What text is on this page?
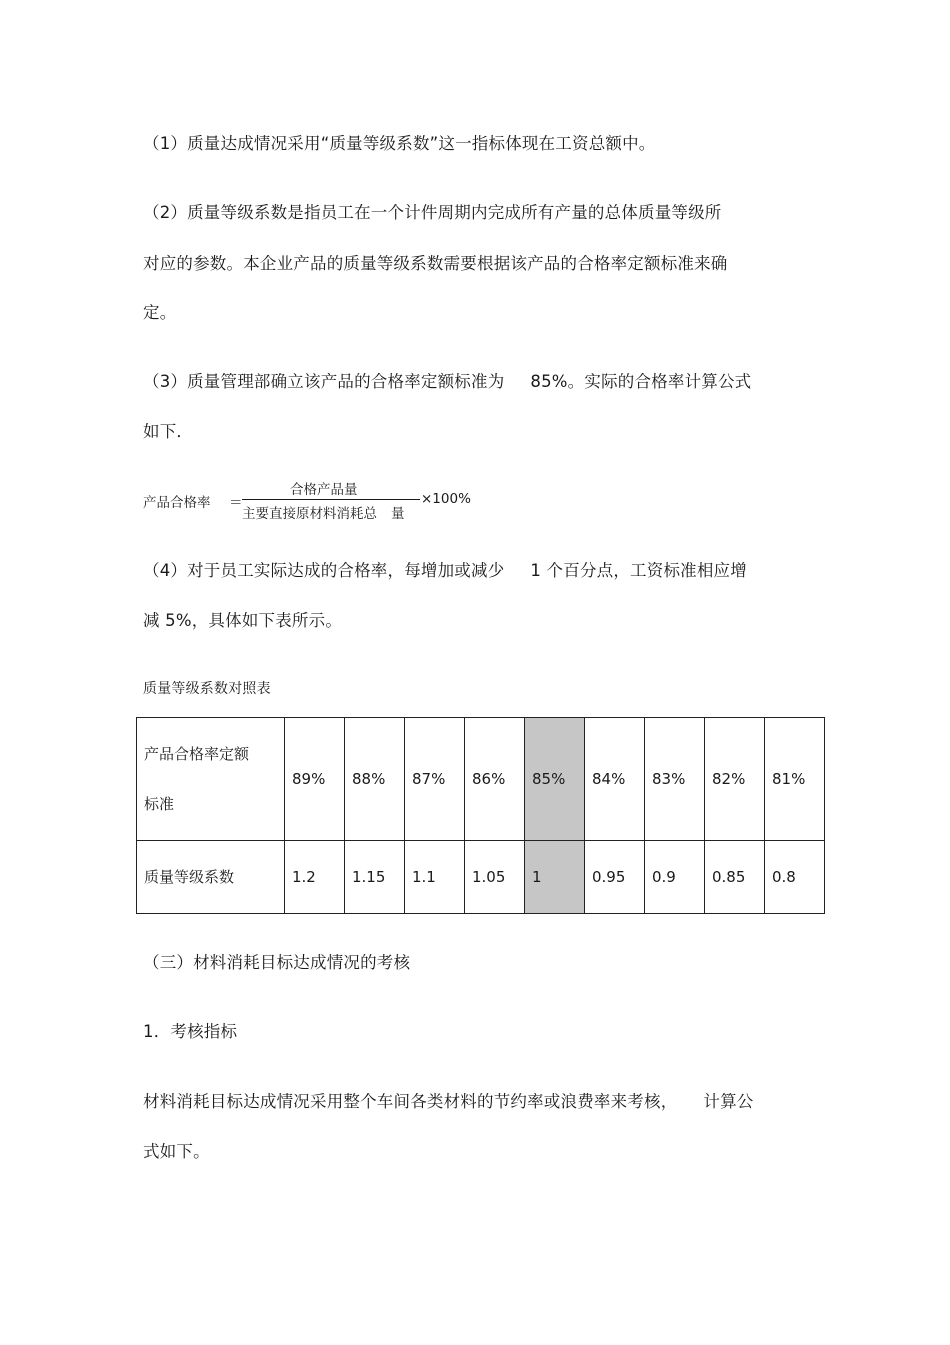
（1）质量达成情况采用“质量等级系数”这一指标体现在工资总额中。
（2）质量等级系数是指员工在一个计件周期内完成所有产量的总体质量等级所
对应的参数。本企业产品的质量等级系数需要根据该产品的合格率定额标准来确
定。
（3）质量管理部确立该产品的合格率定额标准为 85%。实际的合格率计算公式
如下．
产品合格率 ＝
合格产品量
主要直接原材料消耗总 量
×100%
（4）对于员工实际达成的合格率，每增加或减少 1 个百分点，工资标准相应增
减 5%，具体如下表所示。
质量等级系数对照表
产品合格率定额
标准	89%	88%	87%	86%	85%	84%	83%	82%	81%
质量等级系数	1.2	1.15	1.1	1.05	1	0.95	0.9	0.85	0.8
（三）材料消耗目标达成情况的考核
1．考核指标
材料消耗目标达成情况采用整个车间各类材料的节约率或浪费率来考核， 计算公
式如下。
